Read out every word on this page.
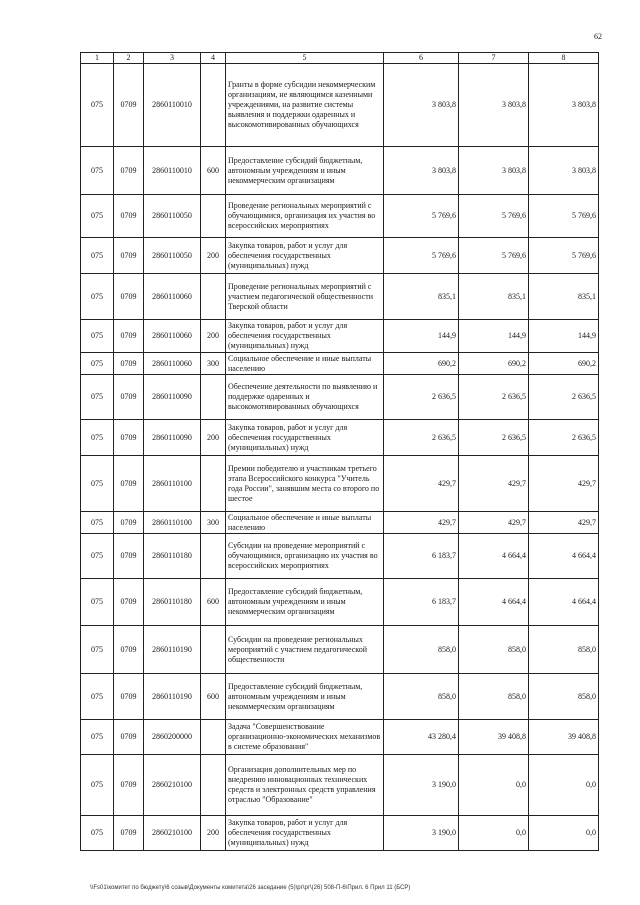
62
1	2	3	4	5	6	7	8
075	0709	2860110010		Гранты в форме субсидии некоммерческим организациям, не являющимся казенными учреждениями, на развитие системы выявления и поддержки одаренных и высокомотивированных обучающихся	3 803,8	3 803,8	3 803,8
075	0709	2860110010	600	Предоставление субсидий бюджетным, автономным учреждениям и иным некоммерческим организациям	3 803,8	3 803,8	3 803,8
075	0709	2860110050		Проведение региональных мероприятий с обучающимися, организация их участия во всероссийских мероприятиях	5 769,6	5 769,6	5 769,6
075	0709	2860110050	200	Закупка товаров, работ и услуг для обеспечения государственных (муниципальных) нужд	5 769,6	5 769,6	5 769,6
075	0709	2860110060		Проведение региональных мероприятий с участием педагогической общественности Тверской области	835,1	835,1	835,1
075	0709	2860110060	200	Закупка товаров, работ и услуг для обеспечения государственных (муниципальных) нужд	144,9	144,9	144,9
075	0709	2860110060	300	Социальное обеспечение и иные выплаты населению	690,2	690,2	690,2
075	0709	2860110090		Обеспечение деятельности по выявлению и поддержке одаренных и высокомотивированных обучающихся	2 636,5	2 636,5	2 636,5
075	0709	2860110090	200	Закупка товаров, работ и услуг для обеспечения государственных (муниципальных) нужд	2 636,5	2 636,5	2 636,5
075	0709	2860110100		Премии победителю и участникам третьего этапа Всероссийского конкурса "Учитель года России", занявшим места со второго по шестое	429,7	429,7	429,7
075	0709	2860110100	300	Социальное обеспечение и иные выплаты населению	429,7	429,7	429,7
075	0709	2860110180		Субсидии на проведение мероприятий с обучающимися, организацию их участия во всероссийских мероприятиях	6 183,7	4 664,4	4 664,4
075	0709	2860110180	600	Предоставление субсидий бюджетным, автономным учреждениям и иным некоммерческим организациям	6 183,7	4 664,4	4 664,4
075	0709	2860110190		Субсидии на проведение региональных мероприятий с участием педагогической общественности	858,0	858,0	858,0
075	0709	2860110190	600	Предоставление субсидий бюджетным, автономным учреждениям и иным некоммерческим организациям	858,0	858,0	858,0
075	0709	2860200000		Задача "Совершенствование организационно-экономических механизмов в системе образования"	43 280,4	39 408,8	39 408,8
075	0709	2860210100		Организация дополнительных мер по внедрению инновационных технических средств и электронных средств управления отраслью "Образование"	3 190,0	0,0	0,0
075	0709	2860210100	200	Закупка товаров, работ и услуг для обеспечения государственных (муниципальных) нужд	3 190,0	0,0	0,0
\\Fs01\комитет по бюджету\6 созыв\Документы комитета\26 заседание (5)\рг\рг\(26) 508-П-6\Прил. 6 Прил 11 (БСР)
